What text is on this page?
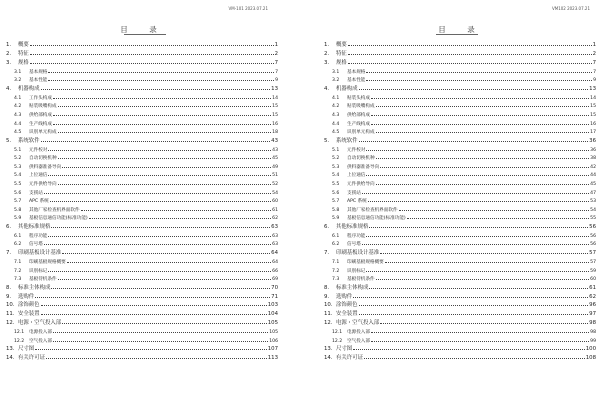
VM-101 2023.07.21
目　录
1.	概要	1
2.	特征	2
3.	规格	7
3.1	基本规格	7
3.2	基本性能	9
4.	机器构成	13
4.1	工作头构成	14
4.2	贴装吸嘴构成	15
4.3	供给部构成	15
4.4	生产线构成	16
4.5	识别单元构成	18
5.	系统软件	43
5.1	元件校对	43
5.2	自动切换机种	45
5.3	供料器准备导向	49
5.4	上位通信	51
5.5	元件供给导向	52
5.6	支援站	54
5.7	APC 系统	60
5.8	其他厂家检查机界面软件	61
5.9	基板信息通信功能(标准功能)	62
6.	其他标准规格	63
6.1	程序功能	63
6.2	信号塔	63
7.	印刷基板设计基准	64
7.1	印刷基板规格概要	64
7.2	识别标记	66
7.3	基板待机条件	69
8.	标准主体构成	70
9.	选购件	71
10. 涂饰颜色	103
11. 安全装置	104
12. 电源・空气投入部	105
12.1	电源投入部	105
12.2	空气投入部	106
13. 尺寸图	107
14. 有关许可证	113
VM102 2023.07.21
目　录
1.	概要	1
2.	特征	2
3.	规格	7
3.1	基本规格	7
3.2	基本性能	9
4.	机器构成	13
4.1	贴装头构成	14
4.2	贴装吸嘴构成	15
4.3	供给部构成	15
4.4	生产线构成	16
4.5	识别单元构成	17
5.	系统软件	36
5.1	元件校对	36
5.2	自动切换机种	38
5.3	供料器准备导向	42
5.4	上位通信	44
5.5	元件供给导向	45
5.6	支援站	47
5.7	APC 系统	53
5.8	其他厂家检查机界面软件	54
5.9	基板信息通信功能(标准功能)	55
6.	其他标准规格	56
6.1	程序功能	56
6.2	信号塔	56
7.	印刷基板设计基准	57
7.1	印刷基板规格概要	57
7.2	识别标记	59
7.3	基板待机条件	60
8.	标准主体构成	61
9.	选购件	62
10. 涂饰颜色	96
11. 安全装置	97
12. 电源・空气投入部	98
12.1	电源投入部	98
12.2	空气投入部	99
13. 尺寸图	100
14. 有关许可证	108
